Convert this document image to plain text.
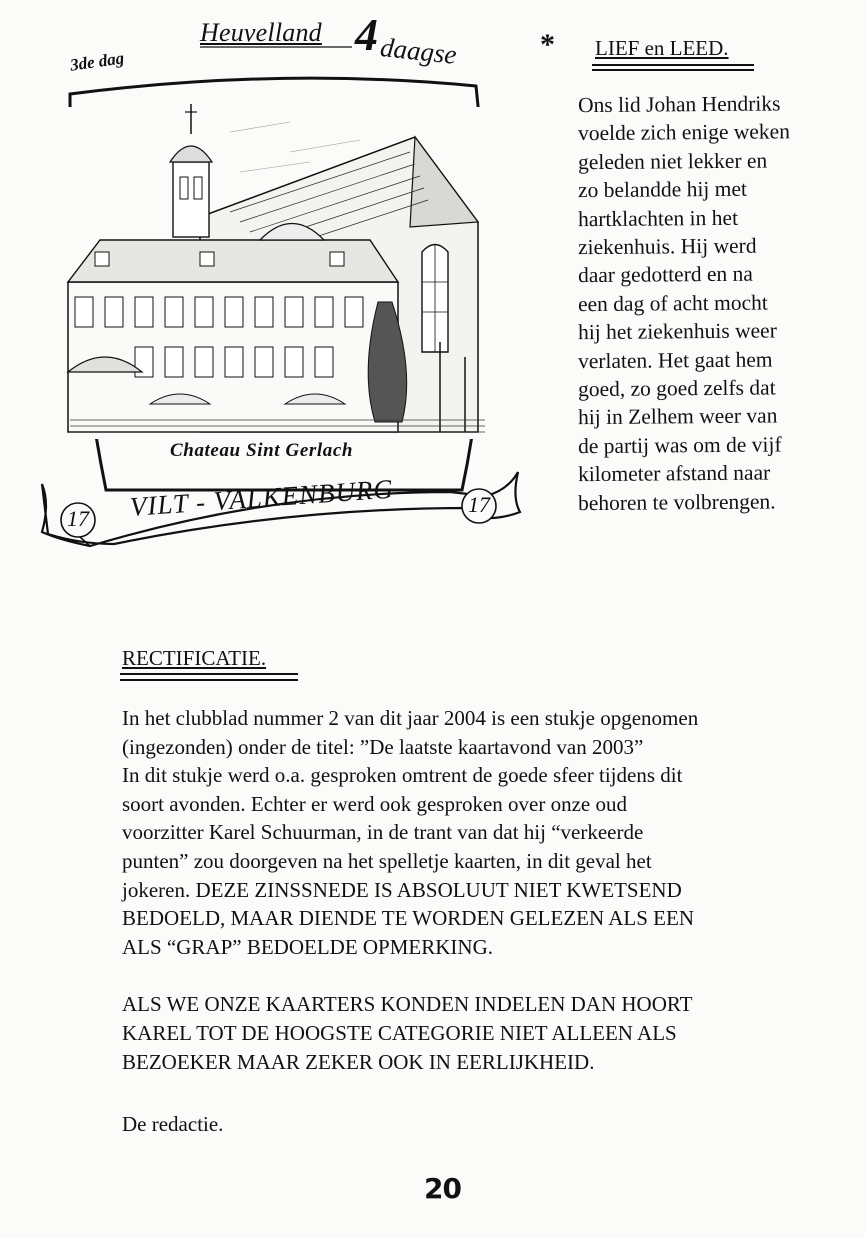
Heuvelland 4 daagse
3de dag
Chateau Sint Gerlach
VILT - VALKENBURG
17
17
* LIEF en LEED.
Ons lid Johan Hendriks
voelde zich enige weken
geleden niet lekker en
zo belandde hij met
hartklachten in het
ziekenhuis. Hij werd
daar gedotterd en na
een dag of acht mocht
hij het ziekenhuis weer
verlaten. Het gaat hem
goed, zo goed zelfs dat
hij in Zelhem weer van
de partij was om de vijf
kilometer afstand naar
behoren te volbrengen.
RECTIFICATIE.
In het clubblad nummer 2 van dit jaar 2004 is een stukje opgenomen
(ingezonden) onder de titel: ”De laatste kaartavond van 2003”
In dit stukje werd o.a. gesproken omtrent de goede sfeer tijdens dit
soort avonden. Echter er werd ook gesproken over onze oud
voorzitter Karel Schuurman, in de trant van dat hij “verkeerde
punten” zou doorgeven na het spelletje kaarten, in dit geval het
jokeren. DEZE ZINSSNEDE IS ABSOLUUT NIET KWETSEND
BEDOELD, MAAR DIENDE TE WORDEN GELEZEN ALS EEN
ALS “GRAP” BEDOELDE OPMERKING.
ALS WE ONZE KAARTERS KONDEN INDELEN DAN HOORT
KAREL TOT DE HOOGSTE CATEGORIE NIET ALLEEN ALS
BEZOEKER MAAR ZEKER OOK IN EERLIJKHEID.
De redactie.
20
